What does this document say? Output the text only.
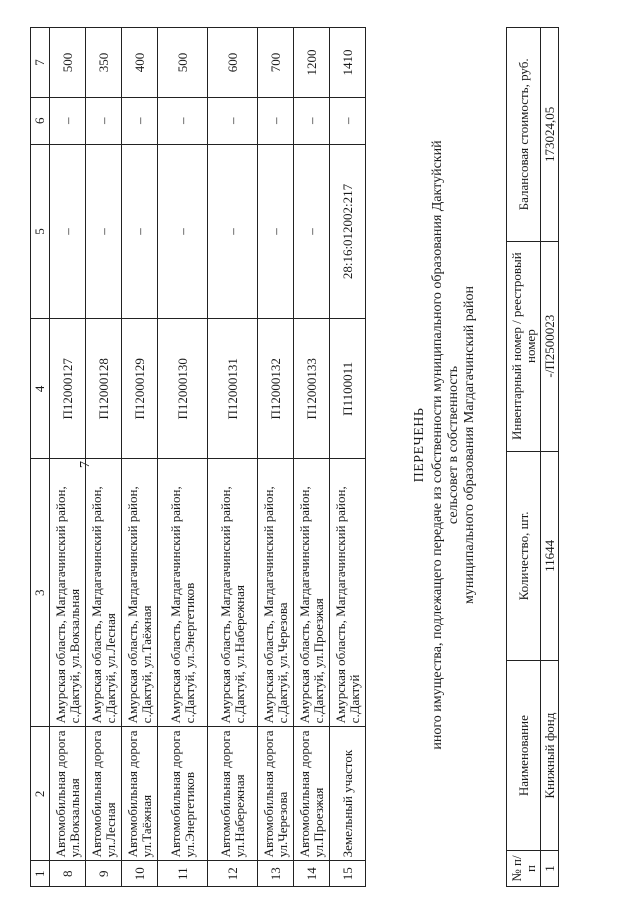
7
1	2	3	4	5	6	7
8	Автомобильная дорога ул.Вокзальная	Амурская область, Магдагачинский район, с.Дактуй, ул.Вокзальная	П12000127	–	–	500
9	Автомобильная дорога ул.Лесная	Амурская область, Магдагачинский район, с.Дактуй, ул.Лесная	П12000128	–	–	350
10	Автомобильная дорога ул.Таёжная	Амурская область, Магдагачинский район, с.Дактуй, ул.Таёжная	П12000129	–	–	400
11	Автомобильная дорога ул.Энергетиков	Амурская область, Магдагачинский район, с.Дактуй, ул.Энергетиков	П12000130	–	–	500
12	Автомобильная дорога ул.Набережная	Амурская область, Магдагачинский район, с.Дактуй, ул.Набережная	П12000131	–	–	600
13	Автомобильная дорога ул.Черезова	Амурская область, Магдагачинский район, с.Дактуй, ул.Черезова	П12000132	–	–	700
14	Автомобильная дорога ул.Проезжая	Амурская область, Магдагачинский район, с.Дактуй, ул.Проезжая	П12000133	–	–	1200
15	Земельный участок	Амурская область, Магдагачинский район, с.Дактуй	П1100011	28:16:012002:217	–	1410
ПЕРЕЧЕНЬ иного имущества, подлежащего передаче из собственности муниципального образования Дактуйский сельсовет в собственность муниципального образования Магдагачинский район
№ п/п	Наименование	Количество, шт.	Инвентарный номер / реестровый номер	Балансовая стоимость, руб.
1	Книжный фонд	11644	-/П2500023	173024,05
